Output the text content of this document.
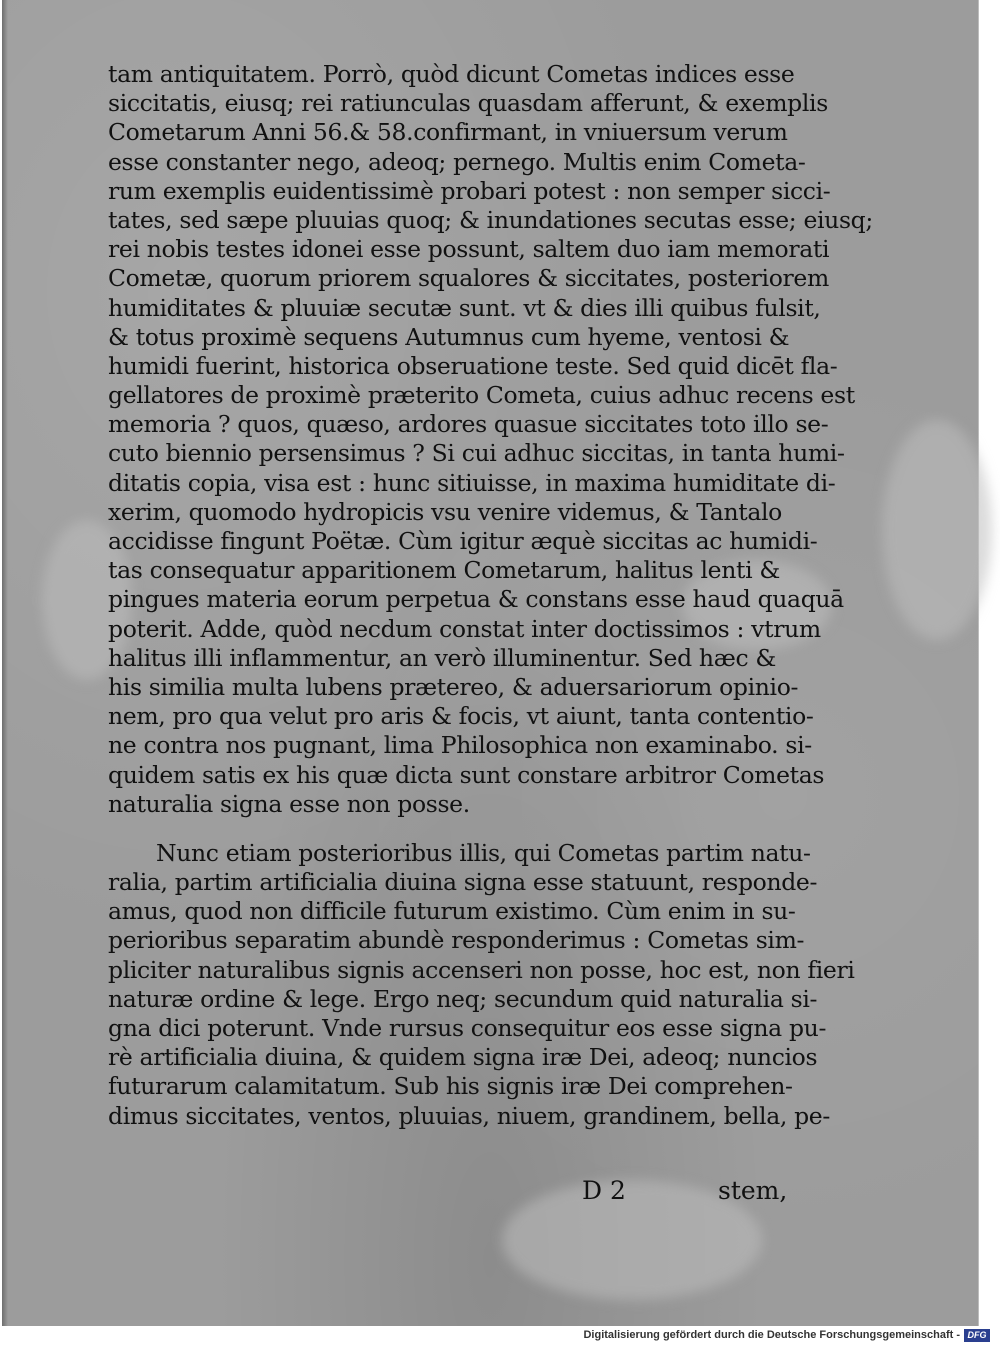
tam antiquitatem. Porrò, quòd dicunt Cometas indices esse
siccitatis, eiusq; rei ratiunculas quasdam afferunt, & exemplis
Cometarum Anni 56.& 58.confirmant, in vniuersum verum
esse constanter nego, adeoq; pernego. Multis enim Cometa-
rum exemplis euidentissimè probari potest : non semper sicci-
tates, sed sæpe pluuias quoq; & inundationes secutas esse; eiusq;
rei nobis testes idonei esse possunt, saltem duo iam memorati
Cometæ, quorum priorem squalores & siccitates, posteriorem
humiditates & pluuiæ secutæ sunt. vt & dies illi quibus fulsit,
& totus proximè sequens Autumnus cum hyeme, ventosi &
humidi fuerint, historica obseruatione teste. Sed quid dicēt fla-
gellatores de proximè præterito Cometa, cuius adhuc recens est
memoria ? quos, quæso, ardores quasue siccitates toto illo se-
cuto biennio persensimus ? Si cui adhuc siccitas, in tanta humi-
ditatis copia, visa est : hunc sitiuisse, in maxima humiditate di-
xerim, quomodo hydropicis vsu venire videmus, & Tantalo
accidisse fingunt Poëtæ. Cùm igitur æquè siccitas ac humidi-
tas consequatur apparitionem Cometarum, halitus lenti &
pingues materia eorum perpetua & constans esse haud quaquā
poterit. Adde, quòd necdum constat inter doctissimos : vtrum
halitus illi inflammentur, an verò illuminentur. Sed hæc &
his similia multa lubens prætereo, & aduersariorum opinio-
nem, pro qua velut pro aris & focis, vt aiunt, tanta contentio-
ne contra nos pugnant, lima Philosophica non examinabo. si-
quidem satis ex his quæ dicta sunt constare arbitror Cometas
naturalia signa esse non posse.
Nunc etiam posterioribus illis, qui Cometas partim natu-
ralia, partim artificialia diuina signa esse statuunt, responde-
amus, quod non difficile futurum existimo. Cùm enim in su-
perioribus separatim abundè responderimus : Cometas sim-
pliciter naturalibus signis accenseri non posse, hoc est, non fieri
naturæ ordine & lege. Ergo neq; secundum quid naturalia si-
gna dici poterunt. Vnde rursus consequitur eos esse signa pu-
rè artificialia diuina, & quidem signa iræ Dei, adeoq; nuncios
futurarum calamitatum. Sub his signis iræ Dei comprehen-
dimus siccitates, ventos, pluuias, niuem, grandinem, bella, pe-
D 2	stem,
Digitalisierung gefördert durch die Deutsche Forschungsgemeinschaft - DFG
